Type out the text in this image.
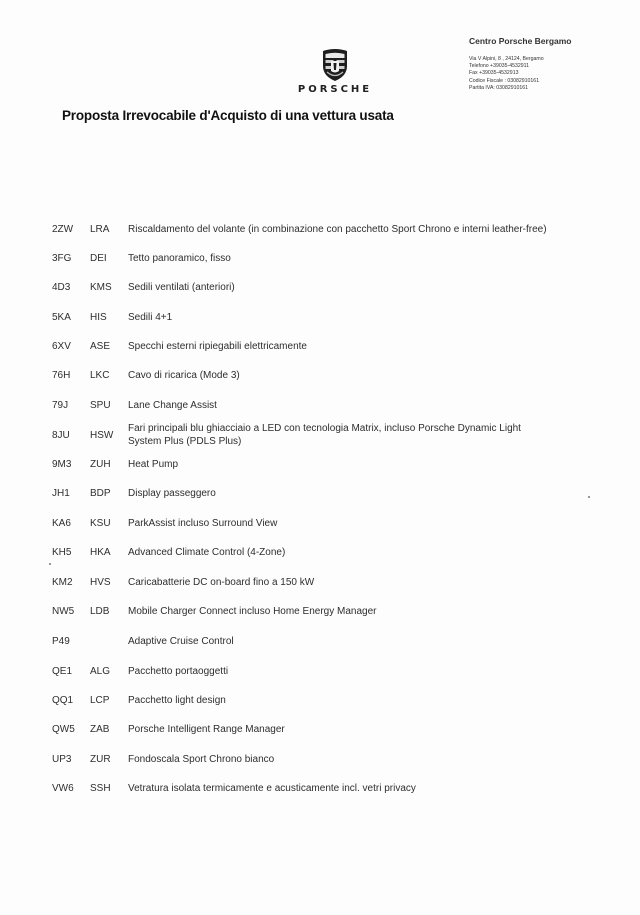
PORSCHE
Centro Porsche Bergamo
Via V Alpini, 8 , 24124, Bergamo
Telefono +39035-4532911
Fax +39035-4532913
Codice Fiscale : 03082910161
Partita IVA: 03082910161
Proposta Irrevocabile d'Acquisto di una vettura usata
2ZW LRA Riscaldamento del volante (in combinazione con pacchetto Sport Chrono e interni leather-free)
3FG DEI Tetto panoramico, fisso
4D3 KMS Sedili ventilati (anteriori)
5KA HIS Sedili 4+1
6XV ASE Specchi esterni ripiegabili elettricamente
76H LKC Cavo di ricarica (Mode 3)
79J SPU Lane Change Assist
8JU HSW
Fari principali blu ghiacciaio a LED con tecnologia Matrix, incluso Porsche Dynamic Light System Plus (PDLS Plus)
9M3 ZUH Heat Pump
JH1 BDP Display passeggero
KA6 KSU ParkAssist incluso Surround View
KH5 HKA Advanced Climate Control (4-Zone)
KM2 HVS Caricabatterie DC on-board fino a 150 kW
NW5 LDB Mobile Charger Connect incluso Home Energy Manager
P49	Adaptive Cruise Control
QE1 ALG Pacchetto portaoggetti
QQ1 LCP Pacchetto light design
QW5 ZAB Porsche Intelligent Range Manager
UP3 ZUR Fondoscala Sport Chrono bianco
VW6 SSH Vetratura isolata termicamente e acusticamente incl. vetri privacy
